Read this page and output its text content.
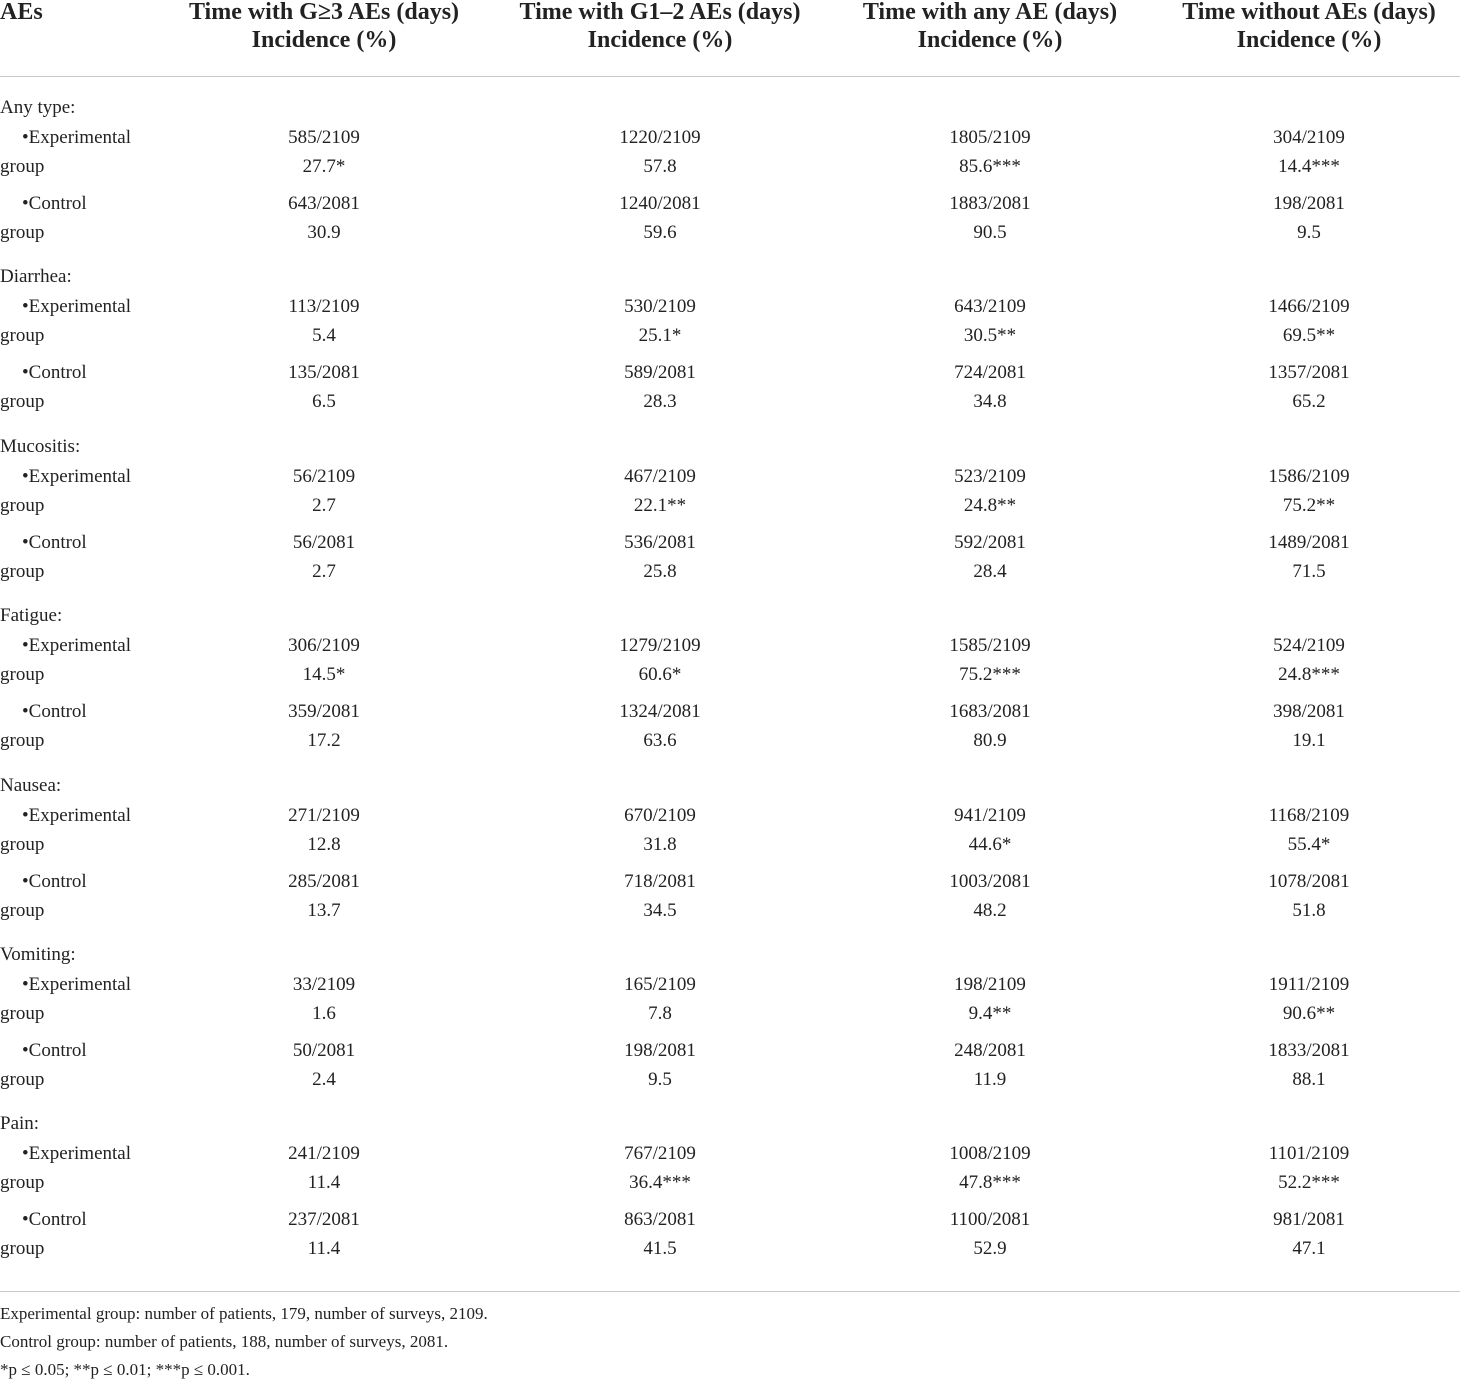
AEs	Time with G≥3 AEs (days)
Incidence (%)
Time with G1–2 AEs (days)
Incidence (%)
Time with any AE (days)
Incidence (%)
Time without AEs (days)
Incidence (%)
Any type:
•Experimental
group
585/2109
27.7*
1220/2109
57.8
1805/2109
85.6***
304/2109
14.4***
•Control
group
643/2081
30.9
1240/2081
59.6
1883/2081
90.5
198/2081
9.5
Diarrhea:
•Experimental
group
113/2109
5.4
530/2109
25.1*
643/2109
30.5**
1466/2109
69.5**
•Control
group
135/2081
6.5
589/2081
28.3
724/2081
34.8
1357/2081
65.2
Mucositis:
•Experimental
group
56/2109
2.7
467/2109
22.1**
523/2109
24.8**
1586/2109
75.2**
•Control
group
56/2081
2.7
536/2081
25.8
592/2081
28.4
1489/2081
71.5
Fatigue:
•Experimental
group
306/2109
14.5*
1279/2109
60.6*
1585/2109
75.2***
524/2109
24.8***
•Control
group
359/2081
17.2
1324/2081
63.6
1683/2081
80.9
398/2081
19.1
Nausea:
•Experimental
group
271/2109
12.8
670/2109
31.8
941/2109
44.6*
1168/2109
55.4*
•Control
group
285/2081
13.7
718/2081
34.5
1003/2081
48.2
1078/2081
51.8
Vomiting:
•Experimental
group
33/2109
1.6
165/2109
7.8
198/2109
9.4**
1911/2109
90.6**
•Control
group
50/2081
2.4
198/2081
9.5
248/2081
11.9
1833/2081
88.1
Pain:
•Experimental
group
241/2109
11.4
767/2109
36.4***
1008/2109
47.8***
1101/2109
52.2***
•Control
group
237/2081
11.4
863/2081
41.5
1100/2081
52.9
981/2081
47.1
Experimental group: number of patients, 179, number of surveys, 2109.
Control group: number of patients, 188, number of surveys, 2081.
*p ≤ 0.05; **p ≤ 0.01; ***p ≤ 0.001.
